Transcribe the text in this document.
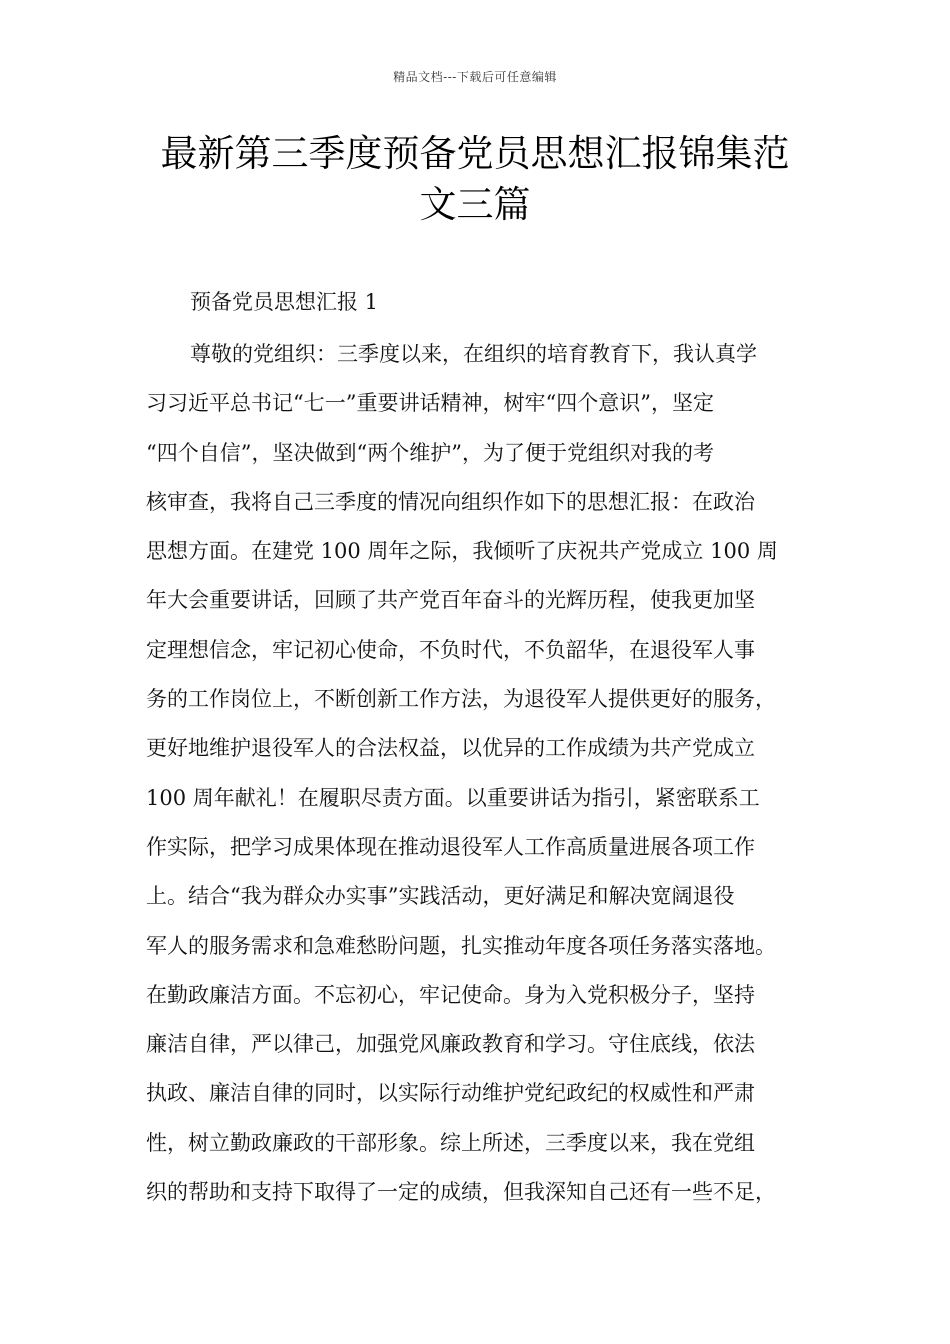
精品文档---下载后可任意编辑
最新第三季度预备党员思想汇报锦集范
文三篇
预备党员思想汇报 1
尊敬的党组织：三季度以来，在组织的培育教育下，我认真学
习习近平总书记“七一”重要讲话精神，树牢“四个意识”，坚定
“四个自信”，坚决做到“两个维护”，为了便于党组织对我的考
核审查，我将自己三季度的情况向组织作如下的思想汇报：在政治
思想方面。在建党 100 周年之际，我倾听了庆祝共产党成立 100 周
年大会重要讲话，回顾了共产党百年奋斗的光辉历程，使我更加坚
定理想信念，牢记初心使命，不负时代，不负韶华，在退役军人事
务的工作岗位上，不断创新工作方法，为退役军人提供更好的服务，
更好地维护退役军人的合法权益，以优异的工作成绩为共产党成立
100 周年献礼！在履职尽责方面。以重要讲话为指引，紧密联系工
作实际，把学习成果体现在推动退役军人工作高质量进展各项工作
上。结合“我为群众办实事”实践活动，更好满足和解决宽阔退役
军人的服务需求和急难愁盼问题，扎实推动年度各项任务落实落地。
在勤政廉洁方面。不忘初心，牢记使命。身为入党积极分子，坚持
廉洁自律，严以律己，加强党风廉政教育和学习。守住底线，依法
执政、廉洁自律的同时，以实际行动维护党纪政纪的权威性和严肃
性，树立勤政廉政的干部形象。综上所述，三季度以来，我在党组
织的帮助和支持下取得了一定的成绩，但我深知自己还有一些不足，
